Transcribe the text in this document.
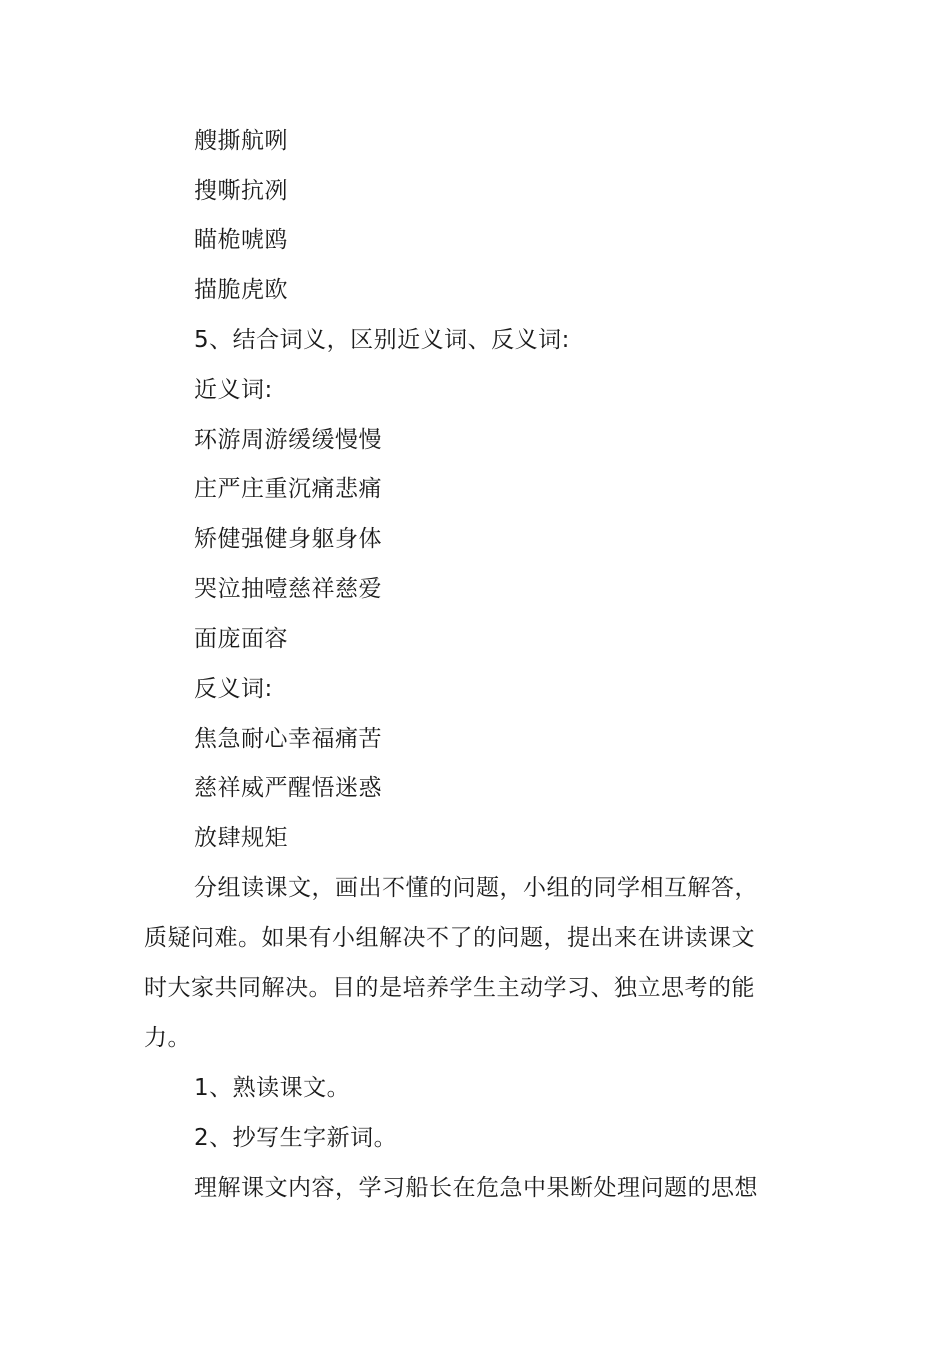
艘撕航咧
搜嘶抗冽
瞄桅唬鸥
描脆虎欧
5、结合词义，区别近义词、反义词:
近义词:
环游周游缓缓慢慢
庄严庄重沉痛悲痛
矫健强健身躯身体
哭泣抽噎慈祥慈爱
面庞面容
反义词:
焦急耐心幸福痛苦
慈祥威严醒悟迷惑
放肆规矩
分组读课文，画出不懂的问题，小组的同学相互解答，
质疑问难。如果有小组解决不了的问题，提出来在讲读课文
时大家共同解决。目的是培养学生主动学习、独立思考的能
力。
1、熟读课文。
2、抄写生字新词。
理解课文内容，学习船长在危急中果断处理问题的思想
